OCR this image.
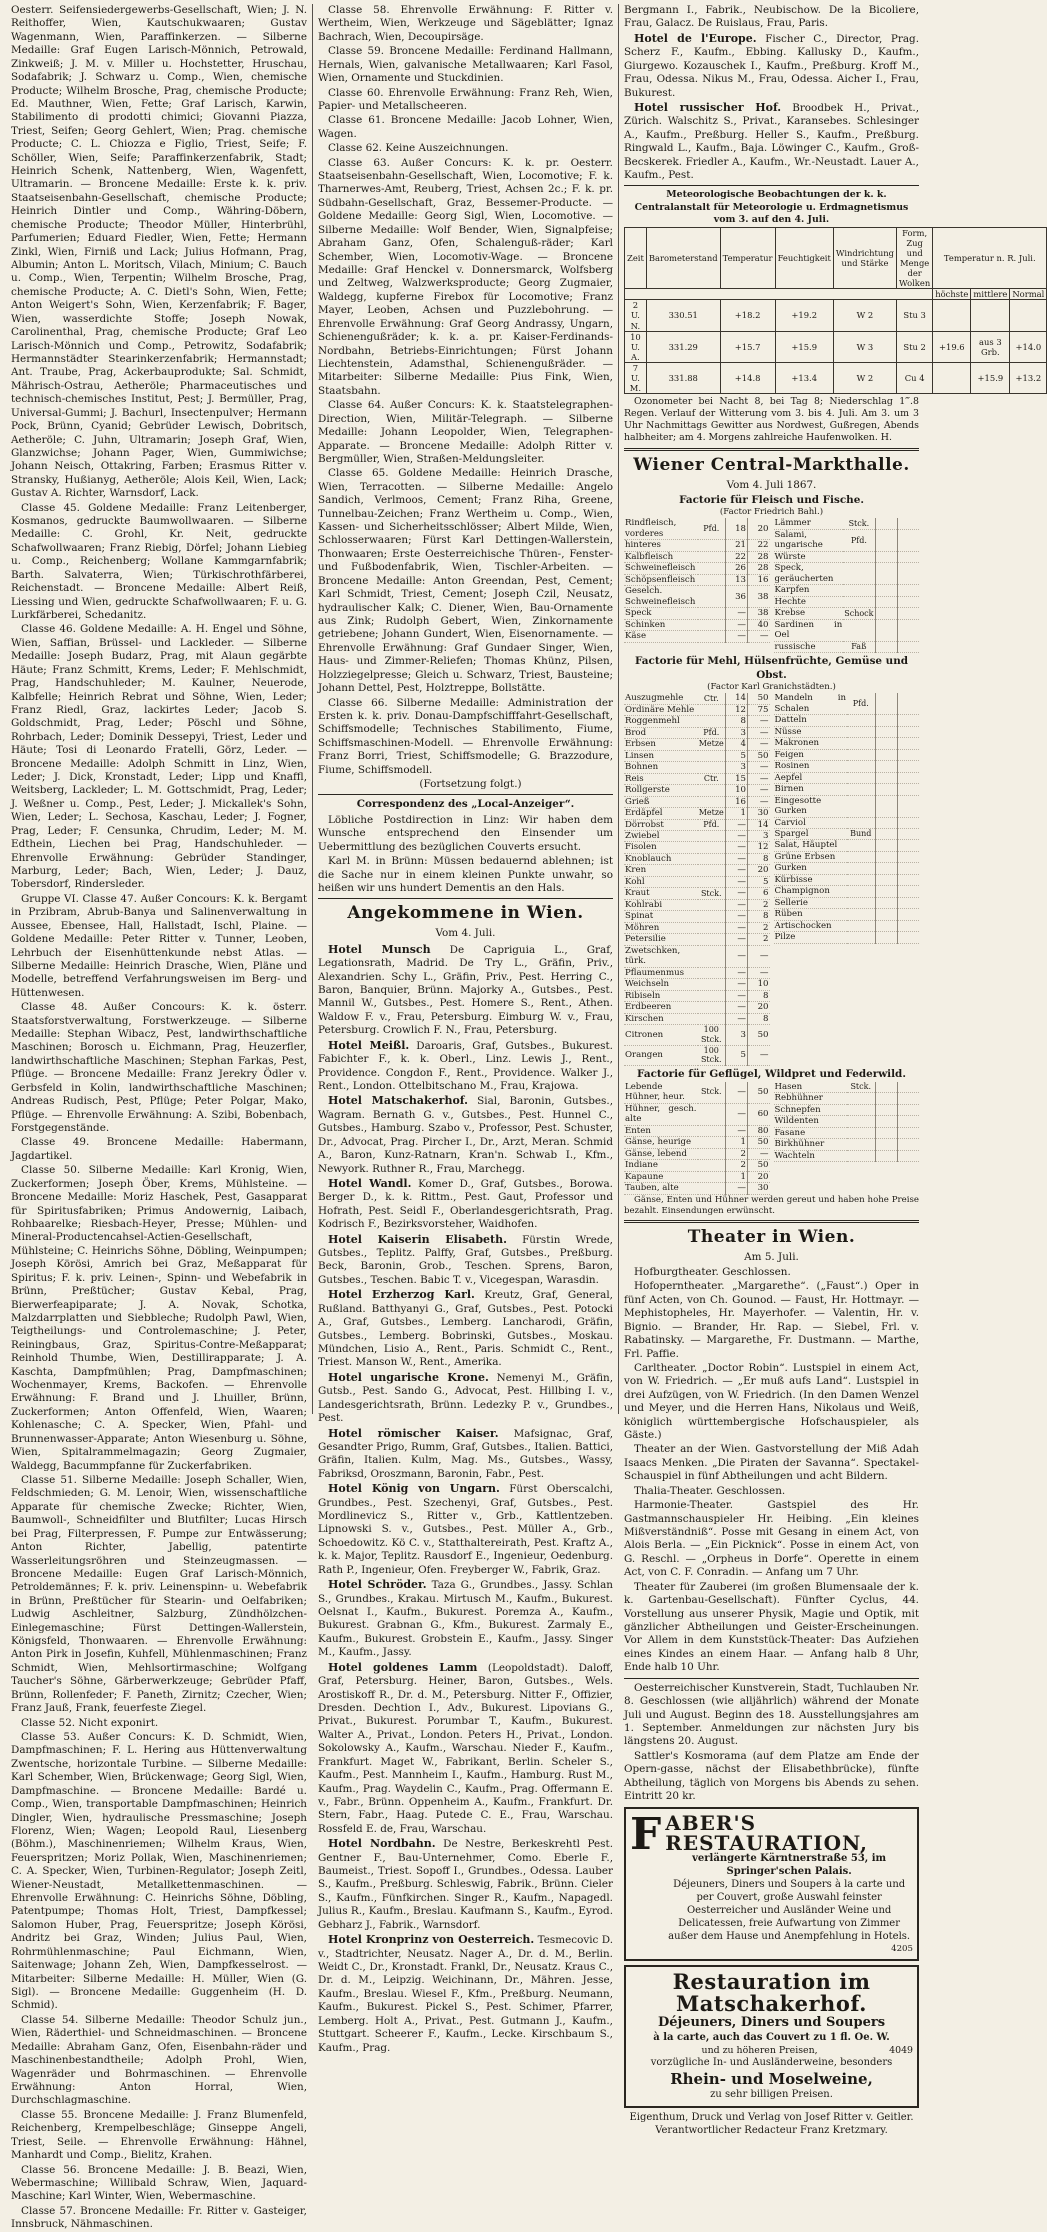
Oesterr. Seifensiedergewerbs-Gesellschaft, Wien; J. N. Reithoffer, Wien, Kautschukwaaren; Gustav Wagenmann, Wien, Paraffinkerzen. — Silberne Medaille: Graf Eugen Larisch-Mönnich, Petrowald, Zinkweiß; J. M. v. Miller u. Hochstetter, Hruschau, Sodafabrik; J. Schwarz u. Comp., Wien, chemische Producte; Wilhelm Brosche, Prag, chemische Producte; Ed. Mauthner, Wien, Fette; Graf Larisch, Karwin, Stabilimento di prodotti chimici; Giovanni Piazza, Triest, Seifen; Georg Gehlert, Wien; Prag. chemische Producte; C. L. Chiozza e Figlio, Triest, Seife; F. Schöller, Wien, Seife; Paraffinkerzenfabrik, Stadt; Heinrich Schenk, Nattenberg, Wien, Wagenfett, Ultramarin. — Broncene Medaille: Erste k. k. priv. Staatseisenbahn-Gesellschaft, chemische Producte; Heinrich Dintler und Comp., Währing-Döbern, chemische Producte; Theodor Müller, Hinterbrühl, Parfumerien; Eduard Fiedler, Wien, Fette; Hermann Zinkl, Wien, Firniß und Lack; Julius Hofmann, Prag, Albumin; Anton L. Moritsch, Vilach, Minium; C. Bauch u. Comp., Wien, Terpentin; Wilhelm Brosche, Prag, chemische Producte; A. C. Dietl's Sohn, Wien, Fette; Anton Weigert's Sohn, Wien, Kerzenfabrik; F. Bager, Wien, wasserdichte Stoffe; Joseph Nowak, Carolinenthal, Prag, chemische Producte; Graf Leo Larisch-Mönnich und Comp., Petrowitz, Sodafabrik; Hermannstädter Stearinkerzenfabrik; Hermannstadt; Ant. Traube, Prag, Ackerbauprodukte; Sal. Schmidt, Mährisch-Ostrau, Aetheröle; Pharmaceutisches und technisch-chemisches Institut, Pest; J. Bermüller, Prag, Universal-Gummi; J. Bachurl, Insectenpulver; Hermann Pock, Brünn, Cyanid; Gebrüder Lewisch, Dobritsch, Aetheröle; C. Juhn, Ultramarin; Joseph Graf, Wien, Glanzwichse; Johann Pager, Wien, Gummiwichse; Johann Neisch, Ottakring, Farben; Erasmus Ritter v. Stransky, Hußianyg, Aetheröle; Alois Keil, Wien, Lack; Gustav A. Richter, Warnsdorf, Lack.

Classe 45. Goldene Medaille: Franz Leitenberger, Kosmanos, gedruckte Baumwollwaaren. — Silberne Medaille: C. Grohl, Kr. Neit, gedruckte Schafwollwaaren; Franz Riebig, Dörfel; Johann Liebieg u. Comp., Reichenberg; Wollane Kammgarnfabrik; Barth. Salvaterra, Wien; Türkischrothfärberei, Reichenstadt. — Broncene Medaille: Albert Reiß, Liessing und Wien, gedruckte Schafwollwaaren; F. u. G. Lurkfärberei, Schedanitz.

Classe 46. Goldene Medaille: A. H. Engel und Söhne, Wien, Saffian, Brüssel- und Lackleder. — Silberne Medaille: Joseph Budarz, Prag, mit Alaun gegärbte Häute; Franz Schmitt, Krems, Leder; F. Mehlschmidt, Prag, Handschuhleder; M. Kaulner, Neuerode, Kalbfelle; Heinrich Rebrat und Söhne, Wien, Leder; Franz Riedl, Graz, lackirtes Leder; Jacob S. Goldschmidt, Prag, Leder; Pöschl und Söhne, Rohrbach, Leder; Dominik Dessepyi, Triest, Leder und Häute; Tosi di Leonardo Fratelli, Görz, Leder. — Broncene Medaille: Adolph Schmitt in Linz, Wien, Leder; J. Dick, Kronstadt, Leder; Lipp und Knaffl, Weitsberg, Lackleder; L. M. Gottschmidt, Prag, Leder; J. Weßner u. Comp., Pest, Leder; J. Mickallek's Sohn, Wien, Leder; L. Sechosa, Kaschau, Leder; J. Fogner, Prag, Leder; F. Censunka, Chrudim, Leder; M. M. Edthein, Liechen bei Prag, Handschuhleder. — Ehrenvolle Erwähnung: Gebrüder Standinger, Marburg, Leder; Bach, Wien, Leder; J. Dauz, Tobersdorf, Rindersleder.

Gruppe VI. Classe 47. Außer Concours: K. k. Bergamt in Przibram, Abrub-Banya und Salinenverwaltung in Aussee, Ebensee, Hall, Hallstadt, Ischl, Plaine. — Goldene Medaille: Peter Ritter v. Tunner, Leoben, Lehrbuch der Eisenhüttenkunde nebst Atlas. — Silberne Medaille: Heinrich Drasche, Wien, Pläne und Modelle, betreffend Verfahrungsweisen im Berg- und Hüttenwesen.

Classe 48. Außer Concours: K. k. österr. Staatsforstverwaltung, Forstwerkzeuge. — Silberne Medaille: Stephan Wibacz, Pest, landwirthschaftliche Maschinen; Borosch u. Eichmann, Prag, Heuzerfler, landwirthschaftliche Maschinen; Stephan Farkas, Pest, Pflüge. — Broncene Medaille: Franz Jerekry Ödler v. Gerbsfeld in Kolin, landwirthschaftliche Maschinen; Andreas Rudisch, Pest, Pflüge; Peter Polgar, Mako, Pflüge. — Ehrenvolle Erwähnung: A. Szibi, Bobenbach, Forstgegenstände.

Classe 49. Broncene Medaille: Habermann, Jagdartikel.

Classe 50. Silberne Medaille: Karl Kronig, Wien, Zuckerformen; Joseph Öber, Krems, Mühlsteine. — Broncene Medaille: Moriz Haschek, Pest, Gasapparat für Spiritusfabriken; Primus Andowernig, Laibach, Rohbaarelke; Riesbach-Heyer, Presse; Mühlen- und Mineral-Productencahsel-Actien-Gesellschaft, Mühlsteine; C. Heinrichs Söhne, Döbling, Weinpumpen; Joseph Körösi, Amrich bei Graz, Meßapparat für Spiritus; F. k. priv. Leinen-, Spinn- und Webefabrik in Brünn, Preßtücher; Gustav Kebal, Prag, Bierwerfeapiparate; J. A. Novak, Schotka, Malzdarrplatten und Siebbleche; Rudolph Pawl, Wien, Teigtheilungs- und Controlemaschine; J. Peter, Reiningbaus, Graz, Spiritus-Contre-Meßapparat; Reinhold Thumbe, Wien, Destillirapparate; J. A. Kaschta, Dampfmühlen; Prag, Dampfmaschinen; Wochenmayer, Krems, Backofen. — Ehrenvolle Erwähnung: F. Brand und J. Lhuiller, Brünn, Zuckerformen; Anton Offenfeld, Wien, Waaren; Kohlenasche; C. A. Specker, Wien, Pfahl- und Brunnenwasser-Apparate; Anton Wiesenburg u. Söhne, Wien, Spitalrammelmagazin; Georg Zugmaier, Waldegg, Bacummpfanne für Zuckerfabriken.

Classe 51. Silberne Medaille: Joseph Schaller, Wien, Feldschmieden; G. M. Lenoir, Wien, wissenschaftliche Apparate für chemische Zwecke; Richter, Wien, Baumwoll-, Schneidfilter und Blutfilter; Lucas Hirsch bei Prag, Filterpressen, F. Pumpe zur Entwässerung; Anton Richter, Jabellig, patentirte Wasserleitungsröhren und Steinzeugmassen. — Broncene Medaille: Eugen Graf Larisch-Mönnich, Petroldemännes; F. k. priv. Leinenspinn- u. Webefabrik in Brünn, Preßtücher für Stearin- und Oelfabriken; Ludwig Aschleitner, Salzburg, Zündhölzchen-Einlegemaschine; Fürst Dettingen-Wallerstein, Königsfeld, Thonwaaren. — Ehrenvolle Erwähnung: Anton Pirk in Josefin, Kuhfell, Mühlenmaschinen; Franz Schmidt, Wien, Mehlsortirmaschine; Wolfgang Taucher's Söhne, Gärberwerkzeuge; Gebrüder Pfaff, Brünn, Rollenfeder; F. Paneth, Zirnitz; Czecher, Wien; Franz Jauß, Frank, feuerfeste Ziegel.

Classe 52. Nicht exponirt.

Classe 53. Außer Concurs: K. D. Schmidt, Wien, Dampfmaschinen; F. L. Hering aus Hüttenverwaltung Zwentsche, horizontale Turbine. — Silberne Medaille: Karl Schember, Wien, Brückenwage; Georg Sigl, Wien, Dampfmaschine. — Broncene Medaille: Bardé u. Comp., Wien, transportable Dampfmaschinen; Heinrich Dingler, Wien, hydraulische Pressmaschine; Joseph Florenz, Wien; Wagen; Leopold Raul, Liesenberg (Böhm.), Maschinenriemen; Wilhelm Kraus, Wien, Feuerspritzen; Moriz Pollak, Wien, Maschinenriemen; C. A. Specker, Wien, Turbinen-Regulator; Joseph Zeitl, Wiener-Neustadt, Metallkettenmaschinen. — Ehrenvolle Erwähnung: C. Heinrichs Söhne, Döbling, Patentpumpe; Thomas Holt, Triest, Dampfkessel; Salomon Huber, Prag, Feuerspritze; Joseph Körösi, Andritz bei Graz, Winden; Julius Paul, Wien, Rohrmühlenmaschine; Paul Eichmann, Wien, Saitenwage; Johann Zeh, Wien, Dampfkesselrost. — Mitarbeiter: Silberne Medaille: H. Müller, Wien (G. Sigl). — Broncene Medaille: Guggenheim (H. D. Schmid).

Classe 54. Silberne Medaille: Theodor Schulz jun., Wien, Räderthiel- und Schneidmaschinen. — Broncene Medaille: Abraham Ganz, Ofen, Eisenbahn-räder und Maschinenbestandtheile; Adolph Prohl, Wien, Wagenräder und Bohrmaschinen. — Ehrenvolle Erwähnung: Anton Horral, Wien, Durchschlagmaschine.

Classe 55. Broncene Medaille: J. Franz Blumenfeld, Reichenberg, Krempelbeschläge; Ginseppe Angeli, Triest, Seile. — Ehrenvolle Erwähnung: Hähnel, Manhardt und Comp., Bielitz, Krahen.

Classe 56. Broncene Medaille: J. B. Beazi, Wien, Webermaschine; Willibald Schraw, Wien, Jaquard-Maschine; Karl Winter, Wien, Webermaschine.

Classe 57. Broncene Medaille: Fr. Ritter v. Gasteiger, Innsbruck, Nähmaschinen.

Classe 58. Ehrenvolle Erwähnung: F. Ritter v. Wertheim, Wien, Werkzeuge und Sägeblätter; Ignaz Bachrach, Wien, Decoupirsäge.

Classe 59. Broncene Medaille: Ferdinand Hallmann, Hernals, Wien, galvanische Metallwaaren; Karl Fasol, Wien, Ornamente und Stuckdinien.

Classe 60. Ehrenvolle Erwähnung: Franz Reh, Wien, Papier- und Metallscheeren.

Classe 61. Broncene Medaille: Jacob Lohner, Wien, Wagen.

Classe 62. Keine Auszeichnungen.

Classe 63. Außer Concurs: K. k. pr. Oesterr. Staatseisenbahn-Gesellschaft, Wien, Locomotive; F. k. Tharnerwes-Amt, Reuberg, Triest, Achsen 2c.; F. k. pr. Südbahn-Gesellschaft, Graz, Bessemer-Producte. — Goldene Medaille: Georg Sigl, Wien, Locomotive. — Silberne Medaille: Wolf Bender, Wien, Signalpfeise; Abraham Ganz, Ofen, Schalenguß-räder; Karl Schember, Wien, Locomotiv-Wage. — Broncene Medaille: Graf Henckel v. Donnersmarck, Wolfsberg und Zeltweg, Walzwerksproducte; Georg Zugmaier, Waldegg, kupferne Firebox für Locomotive; Franz Mayer, Leoben, Achsen und Puzzlebohrung. — Ehrenvolle Erwähnung: Graf Georg Andrassy, Ungarn, Schienengußräder; k. k. a. pr. Kaiser-Ferdinands-Nordbahn, Betriebs-Einrichtungen; Fürst Johann Liechtenstein, Adamsthal, Schienengußräder. — Mitarbeiter: Silberne Medaille: Pius Fink, Wien, Staatsbahn.

Classe 64. Außer Concurs: K. k. Staatstelegraphen-Direction, Wien, Militär-Telegraph. — Silberne Medaille: Johann Leopolder, Wien, Telegraphen-Apparate. — Broncene Medaille: Adolph Ritter v. Bergmüller, Wien, Straßen-Meldungsleiter.

Classe 65. Goldene Medaille: Heinrich Drasche, Wien, Terracotten. — Silberne Medaille: Angelo Sandich, Verlmoos, Cement; Franz Riha, Greene, Tunnelbau-Zeichen; Franz Wertheim u. Comp., Wien, Kassen- und Sicherheitsschlösser; Albert Milde, Wien, Schlosserwaaren; Fürst Karl Dettingen-Wallerstein, Thonwaaren; Erste Oesterreichische Thüren-, Fenster- und Fußbodenfabrik, Wien, Tischler-Arbeiten. — Broncene Medaille: Anton Greendan, Pest, Cement; Karl Schmidt, Triest, Cement; Joseph Czil, Neusatz, hydraulischer Kalk; C. Diener, Wien, Bau-Ornamente aus Zink; Rudolph Gebert, Wien, Zinkornamente getriebene; Johann Gundert, Wien, Eisenornamente. — Ehrenvolle Erwähnung: Graf Gundaer Singer, Wien, Haus- und Zimmer-Reliefen; Thomas Khünz, Pilsen, Holzziegelpresse; Gleich u. Schwarz, Triest, Bausteine; Johann Dettel, Pest, Holztreppe, Bollstätte.

Classe 66. Silberne Medaille: Administration der Ersten k. k. priv. Donau-Dampfschifffahrt-Gesellschaft, Schiffsmodelle; Technisches Stabilimento, Fiume, Schiffsmaschinen-Modell. — Ehrenvolle Erwähnung: Franz Borri, Triest, Schiffsmodelle; G. Brazzodure, Fiume, Schiffsmodell.

(Fortsetzung folgt.)

Correspondenz des „Local-Anzeiger“.

Löbliche Postdirection in Linz: Wir haben dem Wunsche entsprechend den Einsender um Uebermittlung des bezüglichen Couverts ersucht.

Karl M. in Brünn: Müssen bedauernd ablehnen; ist die Sache nur in einem kleinen Punkte unwahr, so heißen wir uns hundert Dementis an den Hals.

Angekommene in Wien.
Vom 4. Juli.

Hotel Munsch De Capriguia L., Graf, Legationsrath, Madrid. De Try L., Gräfin, Priv., Alexandrien. Schy L., Gräfin, Priv., Pest. Herring C., Baron, Banquier, Brünn. Majorky A., Gutsbes., Pest. Mannil W., Gutsbes., Pest. Homere S., Rent., Athen. Waldow F. v., Frau, Petersburg. Eimburg W. v., Frau, Petersburg. Crowlich F. N., Frau, Petersburg.

Hotel Meißl. Daroaris, Graf, Gutsbes., Bukurest. Fabichter F., k. k. Oberl., Linz. Lewis J., Rent., Providence. Congdon F., Rent., Providence. Walker J., Rent., London. Ottelbitschano M., Frau, Krajowa.

Hotel Matschakerhof. Sial, Baronin, Gutsbes., Wagram. Bernath G. v., Gutsbes., Pest. Hunnel C., Gutsbes., Hamburg. Szabo v., Professor, Pest. Schuster, Dr., Advocat, Prag. Pircher I., Dr., Arzt, Meran. Schmid A., Baron, Kunz-Ratnarn, Kran'n. Schwab I., Kfm., Newyork. Ruthner R., Frau, Marchegg.

Hotel Wandl. Komer D., Graf, Gutsbes., Borowa. Berger D., k. k. Rittm., Pest. Gaut, Professor und Hofrath, Pest. Seidl F., Oberlandesgerichtsrath, Prag. Kodrisch F., Bezirksvorsteher, Waidhofen.

Hotel Kaiserin Elisabeth. Fürstin Wrede, Gutsbes., Teplitz. Palffy, Graf, Gutsbes., Preßburg. Beck, Baronin, Grob., Teschen. Sprens, Baron, Gutsbes., Teschen. Babic T. v., Vicegespan, Warasdin.

Hotel Erzherzog Karl. Kreutz, Graf, General, Rußland. Batthyanyi G., Graf, Gutsbes., Pest. Potocki A., Graf, Gutsbes., Lemberg. Lancharodi, Gräfin, Gutsbes., Lemberg. Bobrinski, Gutsbes., Moskau. Mündchen, Lisio A., Rent., Paris. Schmidt C., Rent., Triest. Manson W., Rent., Amerika.

Hotel ungarische Krone. Nemenyi M., Gräfin, Gutsb., Pest. Sando G., Advocat, Pest. Hillbing I. v., Landesgerichtsrath, Brünn. Ledezky P. v., Grundbes., Pest.

Hotel römischer Kaiser. Mafsignac, Graf, Gesandter Prigo, Rumm, Graf, Gutsbes., Italien. Battici, Gräfin, Italien. Kulm, Mag. Ms., Gutsbes., Wassy, Fabriksd, Oroszmann, Baronin, Fabr., Pest.

Hotel König von Ungarn. Fürst Oberscalchi, Grundbes., Pest. Szechenyi, Graf, Gutsbes., Pest. Mordlinevicz S., Ritter v., Grb., Kattlentzeben. Lipnowski S. v., Gutsbes., Pest. Müller A., Grb., Schoedowitz. Kö C. v., Statthaltereirath, Pest. Kraftz A., k. k. Major, Teplitz. Rausdorf E., Ingenieur, Oedenburg. Rath P., Ingenieur, Ofen. Freyberger W., Fabrik, Graz.

Hotel Schröder. Taza G., Grundbes., Jassy. Schlan S., Grundbes., Krakau. Mirtusch M., Kaufm., Bukurest. Oelsnat I., Kaufm., Bukurest. Poremza A., Kaufm., Bukurest. Grabnan G., Kfm., Bukurest. Zarmaly E., Kaufm., Bukurest. Grobstein E., Kaufm., Jassy. Singer M., Kaufm., Jassy.

Hotel goldenes Lamm (Leopoldstadt). Daloff, Graf, Petersburg. Heiner, Baron, Gutsbes., Wels. Arostiskoff R., Dr. d. M., Petersburg. Nitter F., Offizier, Dresden. Dechtion I., Adv., Bukurest. Lipovians G., Privat., Bukurest. Porumbar T., Kaufm., Bukurest. Walter A., Privat., London. Peters H., Privat., London. Sokolowsky A., Kaufm., Warschau. Nieder F., Kaufm., Frankfurt. Maget W., Fabrikant, Berlin. Scheler S., Kaufm., Pest. Mannheim I., Kaufm., Hamburg. Rust M., Kaufm., Prag. Waydelin C., Kaufm., Prag. Offermann E. v., Fabr., Brünn. Oppenheim A., Kaufm., Frankfurt. Dr. Stern, Fabr., Haag. Putede C. E., Frau, Warschau. Rossfeld E. de, Frau, Warschau.

Hotel Nordbahn. De Nestre, Berkeskrehtl Pest. Gentner F., Bau-Unternehmer, Como. Eberle F., Baumeist., Triest. Sopoff I., Grundbes., Odessa. Lauber S., Kaufm., Preßburg. Schleswig, Fabrik., Brünn. Cieler S., Kaufm., Fünfkirchen. Singer R., Kaufm., Napagedl. Julius R., Kaufm., Breslau. Kaufmann S., Kaufm., Eyrod. Gebharz J., Fabrik., Warnsdorf.

Hotel Kronprinz von Oesterreich. Tesmecovic D. v., Stadtrichter, Neusatz. Nager A., Dr. d. M., Berlin. Weidt C., Dr., Kronstadt. Frankl, Dr., Neusatz. Kraus C., Dr. d. M., Leipzig. Weichinann, Dr., Mähren. Jesse, Kaufm., Breslau. Wiesel F., Kfm., Preßburg. Neumann, Kaufm., Bukurest. Pickel S., Pest. Schimer, Pfarrer, Lemberg. Holt A., Privat., Pest. Gutmann J., Kaufm., Stuttgart. Scheerer F., Kaufm., Lecke. Kirschbaum S., Kaufm., Prag.

Bergmann I., Fabrik., Neubischow. De la Bicoliere, Frau, Galacz. De Ruislaus, Frau, Paris.

Hotel de l'Europe. Fischer C., Director, Prag. Scherz F., Kaufm., Ebbing. Kallusky D., Kaufm., Giurgewo. Kozauschek I., Kaufm., Preßburg. Kroff M., Frau, Odessa. Nikus M., Frau, Odessa. Aicher I., Frau, Bukurest.

Hotel russischer Hof. Broodbek H., Privat., Zürich. Walschitz S., Privat., Karansebes. Schlesinger A., Kaufm., Preßburg. Heller S., Kaufm., Preßburg. Ringwald L., Kaufm., Baja. Löwinger C., Kaufm., Groß-Becskerek. Friedler A., Kaufm., Wr.-Neustadt. Lauer A., Kaufm., Pest.

Meteorologische Beobachtungen der k. k. Centralanstalt für Meteorologie u. Erdmagnetismus vom 3. auf den 4. Juli.

Zeit	Barometerstand	Temperatur	Feuchtigkeit	Windrichtung und Stärke	Form, Zug und Menge der Wolken	Temperatur n. R. Juli.		
						höchste	mittlere	Normal
2 U. N.	330.51	+18.2	+19.2	W 2	Stu 3			
10 U. A.	331.29	+15.7	+15.9	W 3	Stu 2	+19.6	aus 3 Grb.	+14.0
7 U. M.	331.88	+14.8	+13.4	W 2	Cu 4		+15.9	+13.2

Ozonometer bei Nacht 8, bei Tag 8; Niederschlag 1‴.8 Regen. Verlauf der Witterung vom 3. bis 4. Juli. Am 3. um 3 Uhr Nachmittags Gewitter aus Nordwest, Gußregen, Abends halbheiter; am 4. Morgens zahlreiche Haufenwolken. H.

Wiener Central-Markthalle.
Vom 4. Juli 1867.
Factorie für Fleisch und Fische.
(Factor Friedrich Bahl.)
Rindfleisch, vorderes	Pfd.	18	20
hinteres		21	22
Kalbfleisch		22	28
Schweinefleisch		26	28
Schöpsenfleisch		13	16
Geselch. Schweinefleisch		36	38
Speck		—	38
Schinken		—	40
Käse		—	—
Lämmer	Stck.		
Salami, ungarische	Pfd.		
Würste			
Speck, geräucherten			
Karpfen			
Hechte			
Krebse	Schock		
Sardinen in Oel			
russische	Faß		
Factorie für Mehl, Hülsenfrüchte, Gemüse und Obst.
(Factor Karl Granichstädten.)
Auszugmehle	Ctr.	14	50
Ordinäre Mehle		12	75
Roggenmehl		8	—
Brod	Pfd.	3	—
Erbsen	Metze	4	—
Linsen		5	50
Bohnen		3	—
Reis	Ctr.	15	—
Rollgerste		10	—
Grieß		16	—
Erdäpfel	Metze	1	30
Dörrobst	Pfd.	—	14
Zwiebel		—	3
Fisolen		—	12
Knoblauch		—	8
Kren		—	20
Kohl		—	5
Kraut	Stck.	—	6
Kohlrabi		—	2
Spinat		—	8
Möhren		—	2
Petersilie		—	2
Zwetschken, türk.		—	—
Pflaumenmus		—	—
Weichseln		—	10
Ribiseln		—	8
Erdbeeren		—	20
Kirschen		—	8
Citronen	100 Stck.	3	50
Orangen	100 Stck.	5	—
Mandeln in Schalen	Pfd.		
Datteln			
Nüsse			
Makronen			
Feigen			
Rosinen			
Aepfel			
Birnen			
Eingesotte Gurken			
Carviol			
Spargel	Bund		
Salat, Häuptel			
Grüne Erbsen			
Gurken			
Kürbisse			
Champignon			
Sellerie			
Rüben			
Artischocken			
Pilze			
Factorie für Geflügel, Wildpret und Federwild.
Lebende Hühner, heur.	Stck.	—	50
Hühner, gesch. alte		—	60
Enten		—	80
Gänse, heurige		1	50
Gänse, lebend		2	—
Indiane		2	50
Kapaune		1	20
Tauben, alte		—	30
Hasen	Stck.		
Rebhühner			
Schnepfen			
Wildenten			
Fasane			
Birkhühner			
Wachteln			

Gänse, Enten und Hühner werden gereut und haben hohe Preise bezahlt. Einsendungen erwünscht.

Theater in Wien.
Am 5. Juli.

Hofburgtheater. Geschlossen.

Hofoperntheater. „Margarethe“. („Faust“.) Oper in fünf Acten, von Ch. Gounod. — Faust, Hr. Hottmayr. — Mephistopheles, Hr. Mayerhofer. — Valentin, Hr. v. Bignio. — Brander, Hr. Rap. — Siebel, Frl. v. Rabatinsky. — Margarethe, Fr. Dustmann. — Marthe, Frl. Paffie.

Carltheater. „Doctor Robin“. Lustspiel in einem Act, von W. Friedrich. — „Er muß aufs Land“. Lustspiel in drei Aufzügen, von W. Friedrich. (In den Damen Wenzel und Meyer, und die Herren Hans, Nikolaus und Weiß, königlich württembergische Hofschauspieler, als Gäste.)

Theater an der Wien. Gastvorstellung der Miß Adah Isaacs Menken. „Die Piraten der Savanna“. Spectakel-Schauspiel in fünf Abtheilungen und acht Bildern.

Thalia-Theater. Geschlossen.

Harmonie-Theater. Gastspiel des Hr. Gastmannschauspieler Hr. Heibing. „Ein kleines Mißverständniß“. Posse mit Gesang in einem Act, von Alois Berla. — „Ein Picknick“. Posse in einem Act, von G. Reschl. — „Orpheus in Dorfe“. Operette in einem Act, von C. F. Conradin. — Anfang um 7 Uhr.

Theater für Zauberei (im großen Blumensaale der k. k. Gartenbau-Gesellschaft). Fünfter Cyclus, 44. Vorstellung aus unserer Physik, Magie und Optik, mit gänzlicher Abtheilungen und Geister-Erscheinungen. Vor Allem in dem Kunststück-Theater: Das Aufziehen eines Kindes an einem Haar. — Anfang halb 8 Uhr, Ende halb 10 Uhr.

Oesterreichischer Kunstverein, Stadt, Tuchlauben Nr. 8. Geschlossen (wie alljährlich) während der Monate Juli und August. Beginn des 18. Ausstellungsjahres am 1. September. Anmeldungen zur nächsten Jury bis längstens 20. August.

Sattler's Kosmorama (auf dem Platze am Ende der Opern-gasse, nächst der Elisabethbrücke), fünfte Abtheilung, täglich von Morgens bis Abends zu sehen. Eintritt 20 kr.

F ABER'S RESTAURATION,
verlängerte Kärntnerstraße 53, im Springer'schen Palais.
Déjeuners, Diners und Soupers à la carte und per Couvert, große Auswahl feinster Oesterreicher und Ausländer Weine und Delicatessen, freie Aufwartung von Zimmer außer dem Hause und Anempfehlung in Hotels.
4205
Restauration im Matschakerhof.
Déjeuners, Diners und Soupers
à la carte, auch das Couvert zu 1 fl. Oe. W.
und zu höheren Preisen,	4049
vorzügliche In- und Ausländerweine, besonders
Rhein- und Moselweine,
zu sehr billigen Preisen.
Eigenthum, Druck und Verlag von Josef Ritter v. Geitler.
Verantwortlicher Redacteur Franz Kretzmary.
